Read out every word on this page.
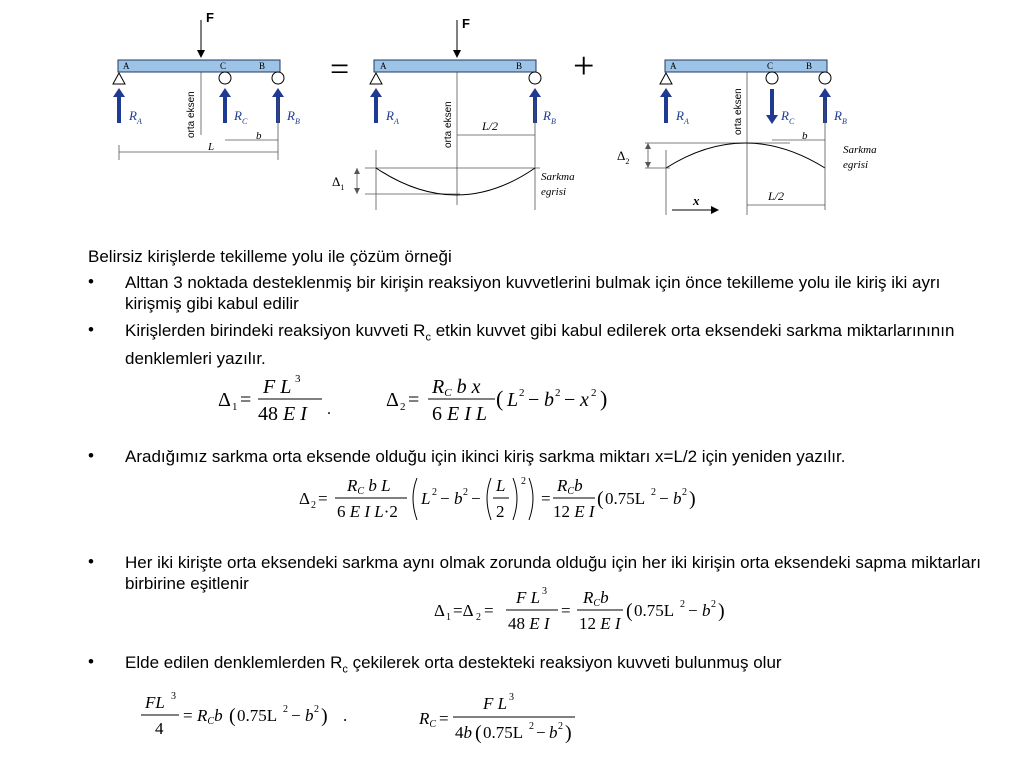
F
A	C	B
$R_A$	$R_C$	$R_B$
orta eksen	b
L
=
F
A	B
$R_A$	$R_B$
orta eksen L/2
$\Delta_1$
Sarkma
egrisi
+	A	C	B
$R_A$	$R_C$	$R_B$
orta eksen
b
$\Delta_2$
Sarkma
egrisi
L/2
x
Belirsiz kirişlerde tekilleme yolu ile çözüm örneği
• Alttan 3 noktada desteklenmiş bir kirişin reaksiyon kuvvetlerini bulmak için önce tekilleme yolu ile kiriş iki ayrı kirişmiş gibi kabul edilir
• Kirişlerden birindeki reaksiyon kuvveti $R_c$ etkin kuvvet gibi kabul edilerek orta eksendeki sarkma miktarlarınının denklemleri yazılır.
Δ 1 =
F L 3
48 E I .	Δ 2 =
RC b x
6 E I L
( L 2 − b 2 − x 2 )
• Aradığımız sarkma orta eksende olduğu için ikinci kiriş sarkma miktarı x=L/2 için yeniden yazılır.
Δ 2 =
RC b L
6 E I L·2
L 2 − b 2 −
L
2
2
=
RCb
12 E I
( 0.75L 2 − b 2 )
• Her iki kirişte orta eksendeki sarkma aynı olmak zorunda olduğu için her iki kirişin orta eksendeki sapma miktarları birbirine eşitlenir
Δ 1 =Δ 2 =
F L 3
48 E I
=
RCb
12 E I
( 0.75L 2 − b 2 )
• Elde edilen denklemlerden $R_c$ çekilerek orta destekteki reaksiyon kuvveti bulunmuş olur
FL 3
4
= RCb ( 0.75L 2 − b 2 ) .	RC =
F L 3
4b ( 0.75L 2 − b 2 )
